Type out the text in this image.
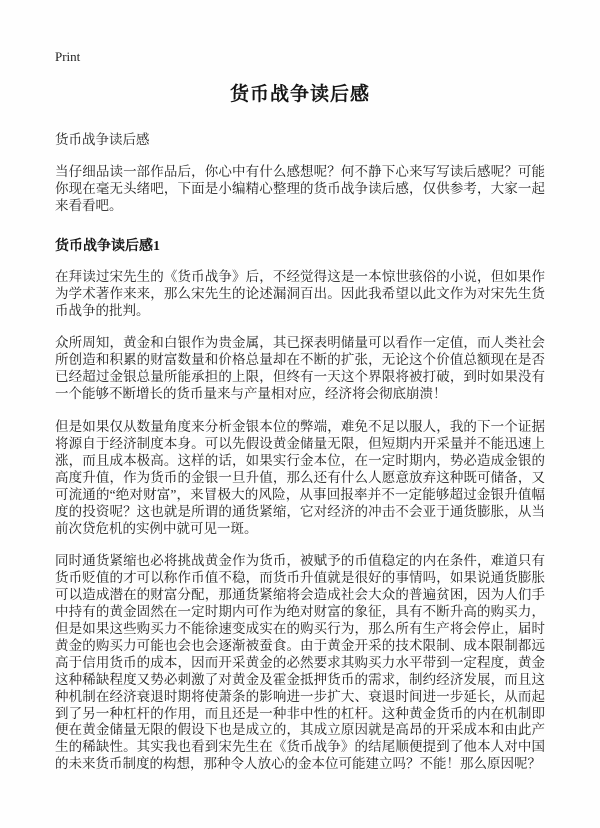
Print
货币战争读后感
货币战争读后感

当仔细品读一部作品后，你心中有什么感想呢？何不静下心来写写读后感呢？可能你现在毫无头绪吧，下面是小编精心整理的货币战争读后感，仅供参考，大家一起来看看吧。

货币战争读后感1

在拜读过宋先生的《货币战争》后，不经觉得这是一本惊世骇俗的小说，但如果作为学术著作来来，那么宋先生的论述漏洞百出。因此我希望以此文作为对宋先生货币战争的批判。

众所周知，黄金和白银作为贵金属，其已探表明储量可以看作一定值，而人类社会所创造和积累的财富数量和价格总量却在不断的扩张，无论这个价值总额现在是否已经超过金银总量所能承担的上限，但终有一天这个界限将被打破，到时如果没有一个能够不断增长的货币量来与产量相对应，经济将会彻底崩溃！

但是如果仅从数量角度来分析金银本位的弊端，难免不足以服人，我的下一个证据将源自于经济制度本身。可以先假设黄金储量无限，但短期内开采量并不能迅速上涨，而且成本极高。这样的话，如果实行金本位，在一定时期内，势必造成金银的高度升值，作为货币的金银一旦升值，那么还有什么人愿意放弃这种既可储备，又可流通的“绝对财富”，来冒极大的风险，从事回报率并不一定能够超过金银升值幅度的投资呢？这也就是所谓的通货紧缩，它对经济的冲击不会亚于通货膨胀，从当前次贷危机的实例中就可见一斑。

同时通货紧缩也必将挑战黄金作为货币，被赋予的币值稳定的内在条件，难道只有货币贬值的才可以称作币值不稳，而货币升值就是很好的事情吗，如果说通货膨胀可以造成潜在的财富分配，那通货紧缩将会造成社会大众的普遍贫困，因为人们手中持有的黄金固然在一定时期内可作为绝对财富的象征，具有不断升高的购买力，但是如果这些购买力不能徐速变成实在的购买行为，那么所有生产将会停止，届时黄金的购买力可能也会也会逐渐被蚕食。由于黄金开采的技术限制、成本限制都远高于信用货币的成本，因而开采黄金的必然要求其购买力水平带到一定程度，黄金这种稀缺程度又势必刺激了对黄金及霍金抵押货币的需求，制约经济发展，而且这种机制在经济衰退时期将使萧条的影响进一步扩大、衰退时间进一步延长，从而起到了另一种杠杆的作用，而且还是一种非中性的杠杆。这种黄金货币的内在机制即便在黄金储量无限的假设下也是成立的，其成立原因就是高昂的开采成本和由此产生的稀缺性。其实我也看到宋先生在《货币战争》的结尾顺便提到了他本人对中国的未来货币制度的构想，那种令人放心的金本位可能建立吗？不能！那么原因呢？
